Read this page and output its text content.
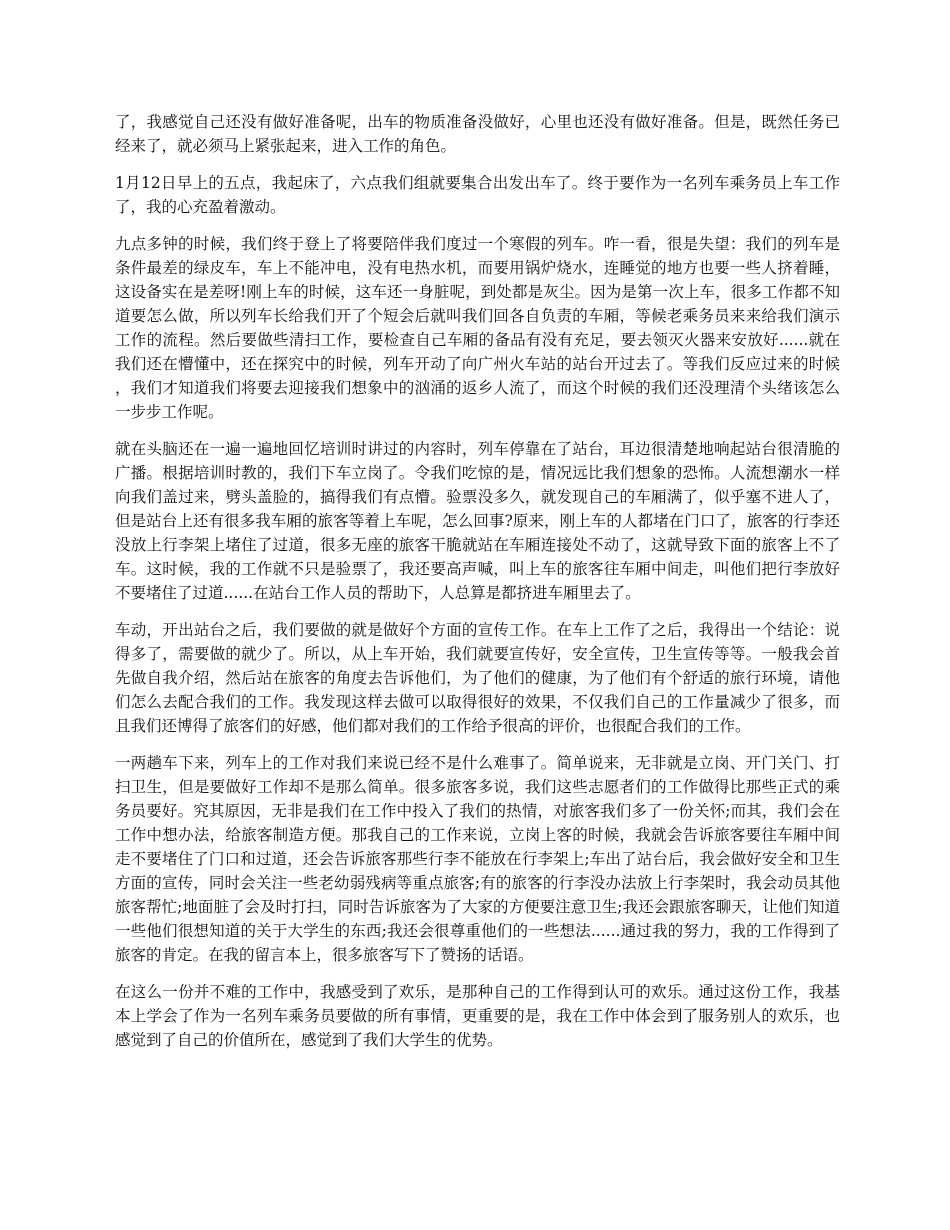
了，我感觉自己还没有做好准备呢，出车的物质准备没做好，心里也还没有做好准备。但是，既然任务已经来了，就必须马上紧张起来，进入工作的角色。

1月12日早上的五点，我起床了，六点我们组就要集合出发出车了。终于要作为一名列车乘务员上车工作了，我的心充盈着激动。

九点多钟的时候，我们终于登上了将要陪伴我们度过一个寒假的列车。咋一看，很是失望：我们的列车是条件最差的绿皮车，车上不能冲电，没有电热水机，而要用锅炉烧水，连睡觉的地方也要一些人挤着睡，这设备实在是差呀!刚上车的时候，这车还一身脏呢，到处都是灰尘。因为是第一次上车，很多工作都不知道要怎么做，所以列车长给我们开了个短会后就叫我们回各自负责的车厢，等候老乘务员来来给我们演示工作的流程。然后要做些清扫工作，要检查自己车厢的备品有没有充足，要去领灭火器来安放好......就在我们还在懵懂中，还在探究中的时候，列车开动了向广州火车站的站台开过去了。等我们反应过来的时候，我们才知道我们将要去迎接我们想象中的汹涌的返乡人流了，而这个时候的我们还没理清个头绪该怎么一步步工作呢。

就在头脑还在一遍一遍地回忆培训时讲过的内容时，列车停靠在了站台，耳边很清楚地响起站台很清脆的广播。根据培训时教的，我们下车立岗了。令我们吃惊的是，情况远比我们想象的恐怖。人流想潮水一样向我们盖过来，劈头盖脸的，搞得我们有点懵。验票没多久，就发现自己的车厢满了，似乎塞不进人了，但是站台上还有很多我车厢的旅客等着上车呢，怎么回事?原来，刚上车的人都堵在门口了，旅客的行李还没放上行李架上堵住了过道，很多无座的旅客干脆就站在车厢连接处不动了，这就导致下面的旅客上不了车。这时候，我的工作就不只是验票了，我还要高声喊，叫上车的旅客往车厢中间走，叫他们把行李放好不要堵住了过道......在站台工作人员的帮助下，人总算是都挤进车厢里去了。

车动，开出站台之后，我们要做的就是做好个方面的宣传工作。在车上工作了之后，我得出一个结论：说得多了，需要做的就少了。所以，从上车开始，我们就要宣传好，安全宣传，卫生宣传等等。一般我会首先做自我介绍，然后站在旅客的角度去告诉他们，为了他们的健康，为了他们有个舒适的旅行环境，请他们怎么去配合我们的工作。我发现这样去做可以取得很好的效果，不仅我们自己的工作量减少了很多，而且我们还博得了旅客们的好感，他们都对我们的工作给予很高的评价，也很配合我们的工作。

一两趟车下来，列车上的工作对我们来说已经不是什么难事了。简单说来，无非就是立岗、开门关门、打扫卫生，但是要做好工作却不是那么简单。很多旅客多说，我们这些志愿者们的工作做得比那些正式的乘务员要好。究其原因，无非是我们在工作中投入了我们的热情，对旅客我们多了一份关怀;而其，我们会在工作中想办法，给旅客制造方便。那我自己的工作来说，立岗上客的时候，我就会告诉旅客要往车厢中间走不要堵住了门口和过道，还会告诉旅客那些行李不能放在行李架上;车出了站台后，我会做好安全和卫生方面的宣传，同时会关注一些老幼弱残病等重点旅客;有的旅客的行李没办法放上行李架时，我会动员其他旅客帮忙;地面脏了会及时打扫，同时告诉旅客为了大家的方便要注意卫生;我还会跟旅客聊天，让他们知道一些他们很想知道的关于大学生的东西;我还会很尊重他们的一些想法......通过我的努力，我的工作得到了旅客的肯定。在我的留言本上，很多旅客写下了赞扬的话语。

在这么一份并不难的工作中，我感受到了欢乐，是那种自己的工作得到认可的欢乐。通过这份工作，我基本上学会了作为一名列车乘务员要做的所有事情，更重要的是，我在工作中体会到了服务别人的欢乐，也感觉到了自己的价值所在，感觉到了我们大学生的优势。
